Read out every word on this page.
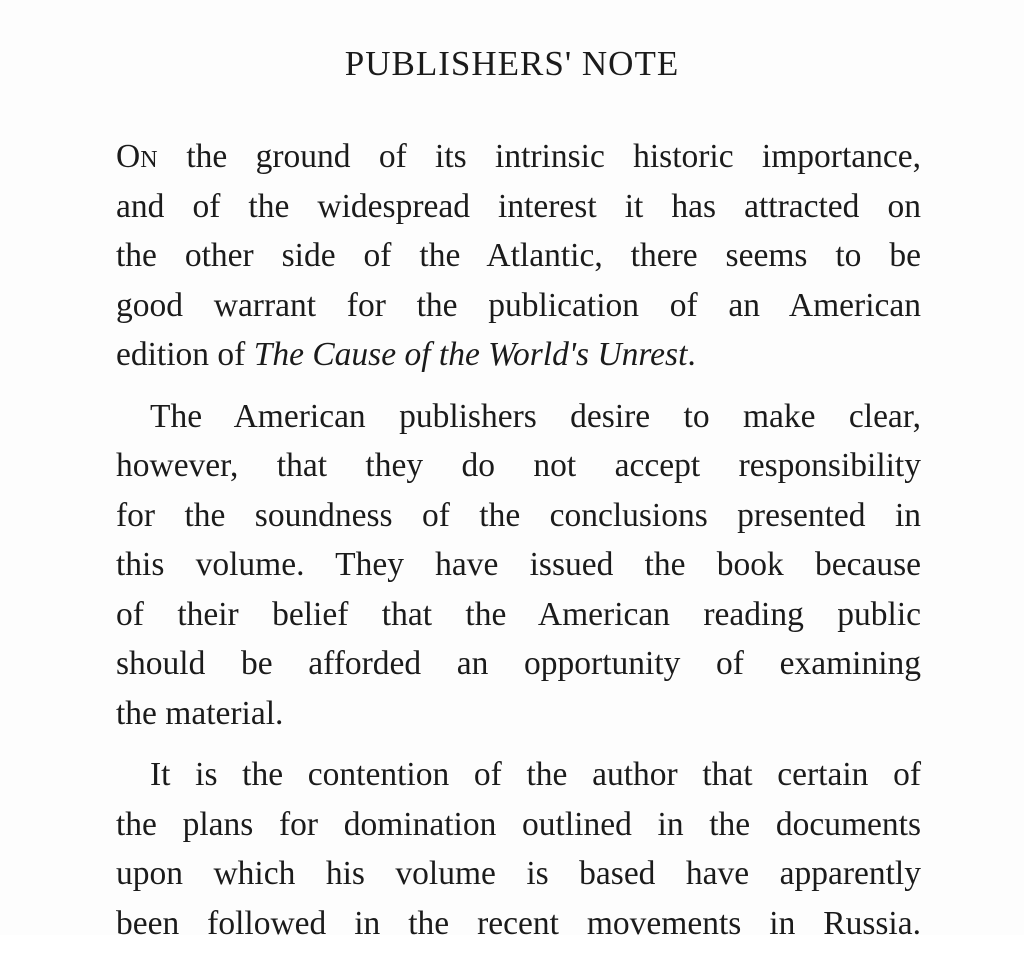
PUBLISHERS' NOTE
ON the ground of its intrinsic historic importance,
and of the widespread interest it has attracted on
the other side of the Atlantic, there seems to be
good warrant for the publication of an American
edition of The Cause of the World's Unrest.
The American publishers desire to make clear,
however, that they do not accept responsibility
for the soundness of the conclusions presented in
this volume. They have issued the book because
of their belief that the American reading public
should be afforded an opportunity of examining
the material.
It is the contention of the author that certain of
the plans for domination outlined in the documents
upon which his volume is based have apparently
been followed in the recent movements in Russia.
